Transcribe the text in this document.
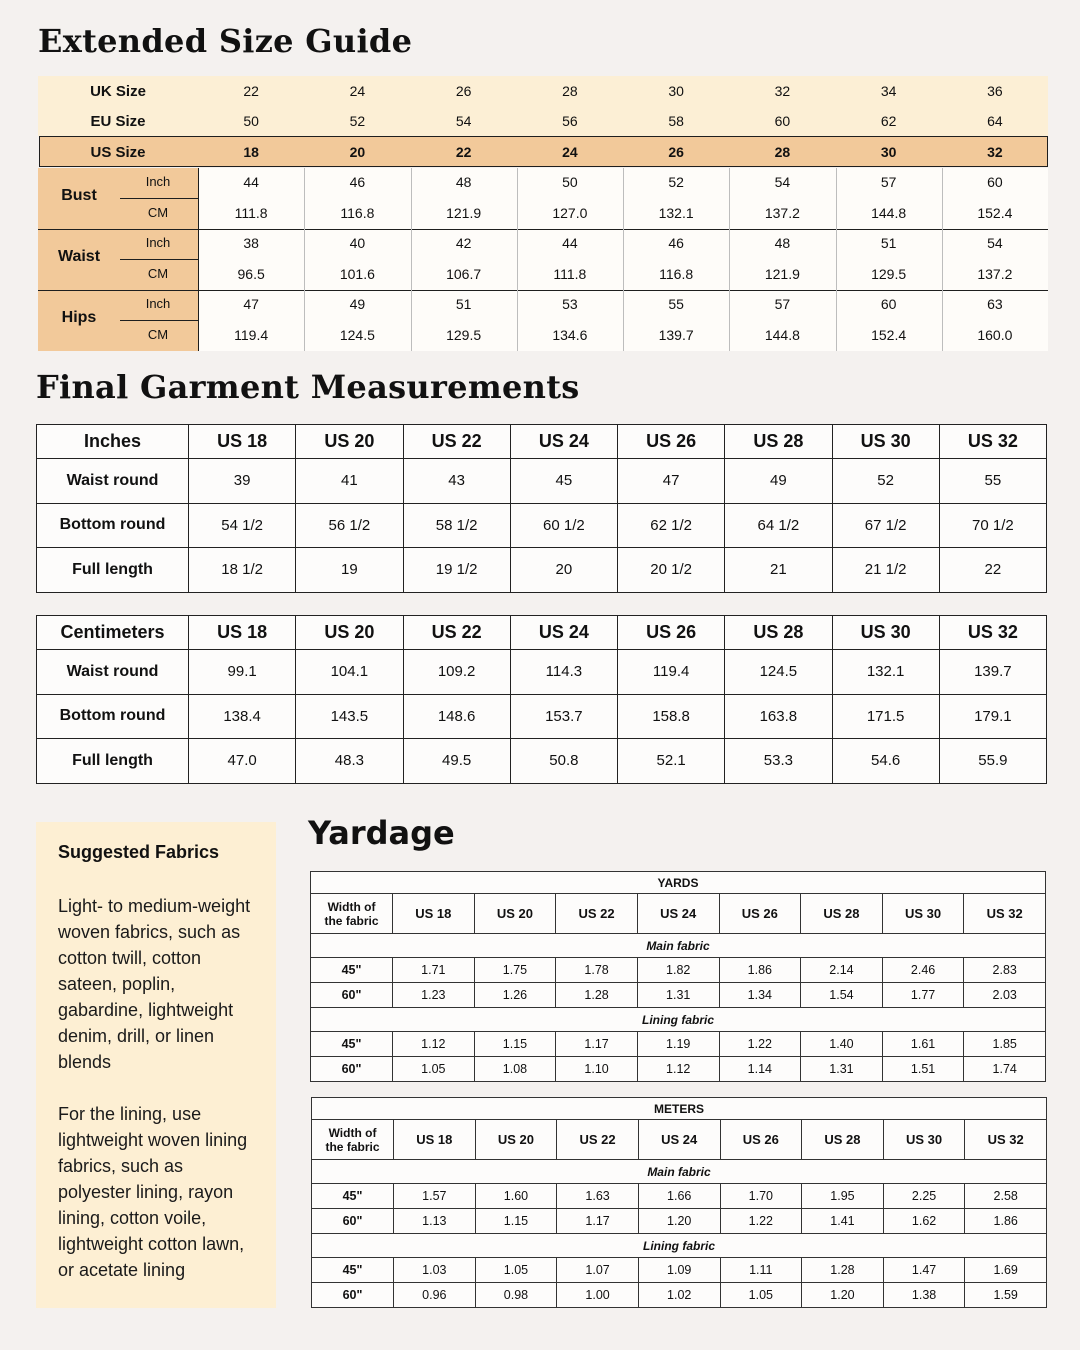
Extended Size Guide
Final Garment Measurements
Yardage
UK Size	22	24	26	28	30	32	34	36
EU Size	50	52	54	56	58	60	62	64
US Size	18	20	22	24	26	28	30	32
Bust
Inch	44	46	48	50	52	54	57	60
CM	111.8	116.8	121.9	127.0	132.1	137.2	144.8	152.4
Waist
Inch	38	40	42	44	46	48	51	54
CM	96.5	101.6	106.7	111.8	116.8	121.9	129.5	137.2
Hips
Inch	47	49	51	53	55	57	60	63
CM	119.4	124.5	129.5	134.6	139.7	144.8	152.4	160.0
Inches	US 18	US 20	US 22	US 24	US 26	US 28	US 30	US 32
Waist round	39	41	43	45	47	49	52	55
Bottom round	54 1/2	56 1/2	58 1/2	60 1/2	62 1/2	64 1/2	67 1/2	70 1/2
Full length	18 1/2	19	19 1/2	20	20 1/2	21	21 1/2	22
Centimeters	US 18	US 20	US 22	US 24	US 26	US 28	US 30	US 32
Waist round	99.1	104.1	109.2	114.3	119.4	124.5	132.1	139.7
Bottom round	138.4	143.5	148.6	153.7	158.8	163.8	171.5	179.1
Full length	47.0	48.3	49.5	50.8	52.1	53.3	54.6	55.9
Suggested Fabrics

Light- to medium-weight woven fabrics, such as cotton twill, cotton sateen, poplin, gabardine, lightweight denim, drill, or linen blends

For the lining, use lightweight woven lining fabrics, such as polyester lining, rayon lining, cotton voile, lightweight cotton lawn, or acetate lining

YARDS								

Width of
the fabric	US 18	US 20	US 22	US 24	US 26	US 28	US 30	US 32
Main fabric								
45"	1.71	1.75	1.78	1.82	1.86	2.14	2.46	2.83
60"	1.23	1.26	1.28	1.31	1.34	1.54	1.77	2.03
Lining fabric								
45"	1.12	1.15	1.17	1.19	1.22	1.40	1.61	1.85
60"	1.05	1.08	1.10	1.12	1.14	1.31	1.51	1.74
METERS								

Width of
the fabric	US 18	US 20	US 22	US 24	US 26	US 28	US 30	US 32
Main fabric								
45"	1.57	1.60	1.63	1.66	1.70	1.95	2.25	2.58
60"	1.13	1.15	1.17	1.20	1.22	1.41	1.62	1.86
Lining fabric								
45"	1.03	1.05	1.07	1.09	1.11	1.28	1.47	1.69
60"	0.96	0.98	1.00	1.02	1.05	1.20	1.38	1.59
